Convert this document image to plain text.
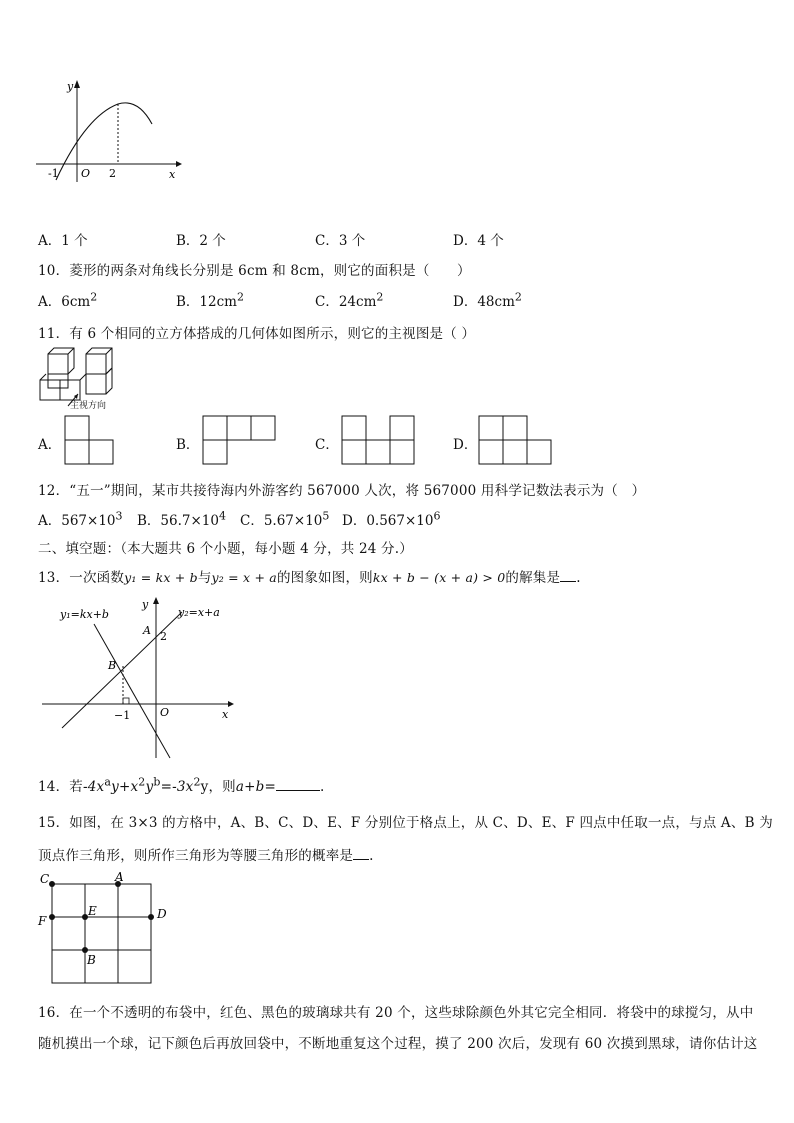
y
x
O
-1	2
A．1 个	B．2 个	C．3 个	D．4 个
10．菱形的两条对角线长分别是 6cm 和 8cm，则它的面积是（　　）
A．$6cm^2$	B．$12cm^2$	C．$24cm^2$	D．$48cm^2$
11．有 6 个相同的立方体搭成的几何体如图所示，则它的主视图是（ ）
主视方向
A．	B．	C．	D．
12．“五一”期间，某市共接待海内外游客约 567000 人次，将 567000 用科学记数法表示为（　）
A．$567\times 10^3$ B．$56.7\times 10^4$ C．$5.67\times 10^5$ D．$0.567\times 10^6$
二、填空题：（本大题共 6 个小题，每小题 4 分，共 24 分.）
13．一次函数y₁ = kx + b与y₂ = x + a的图象如图，则kx + b − (x + a) > 0的解集是 .
y₁=kx+b	y₂=x+a
y
x
O
A
B
2
−1
14．若$-4x^ay+x^2y^b=-3x^2y$，则a+b=	.
15．如图，在 3×3 的方格中，A、B、C、D、E、F 分别位于格点上，从 C、D、E、F 四点中任取一点，与点 A、B 为
顶点作三角形，则所作三角形为等腰三角形的概率是 .
C	A
F
E	D
B
16．在一个不透明的布袋中，红色、黑色的玻璃球共有 20 个，这些球除颜色外其它完全相同．将袋中的球搅匀，从中
随机摸出一个球，记下颜色后再放回袋中，不断地重复这个过程，摸了 200 次后，发现有 60 次摸到黑球，请你估计这
